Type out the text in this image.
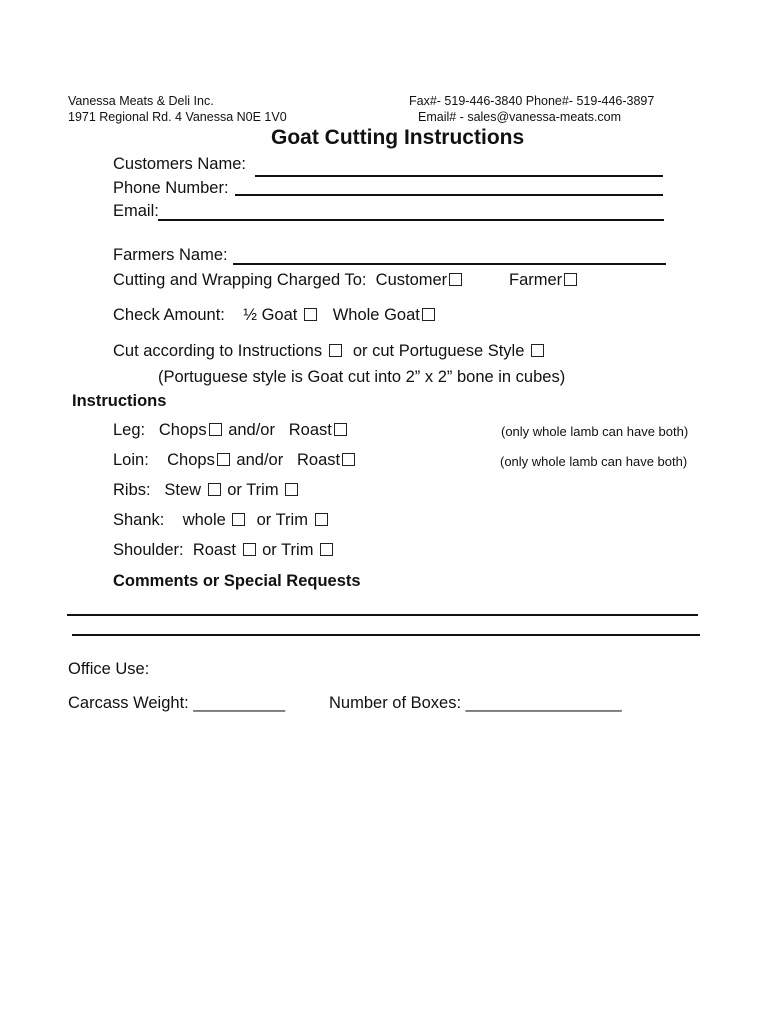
Vanessa Meats & Deli Inc.
1971 Regional Rd. 4 Vanessa N0E 1V0
Fax#- 519-446-3840 Phone#- 519-446-3897
Email# - sales@vanessa-meats.com
Goat Cutting Instructions
Customers Name:
Phone Number:
Email:
Farmers Name:
Cutting and Wrapping Charged To: Customer	Farmer
Check Amount: ½ Goat Whole Goat
Cut according to Instructions or cut Portuguese Style
(Portuguese style is Goat cut into 2” x 2” bone in cubes)
Instructions
Leg: Chops and/or Roast	(only whole lamb can have both)
Loin: Chops and/or Roast	(only whole lamb can have both)
Ribs: Stew or Trim
Shank: whole or Trim
Shoulder: Roast or Trim
Comments or Special Requests
Office Use:
Carcass Weight: __________	Number of Boxes: _________________
